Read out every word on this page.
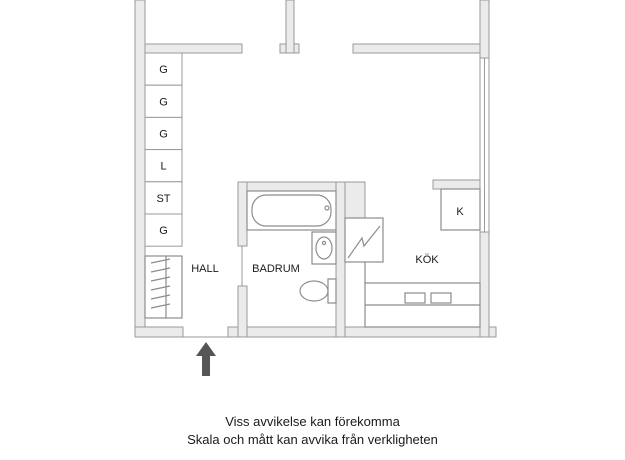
G
G
G
L
ST
G
HALL	BADRUM
KÖK
K
Viss avvikelse kan förekomma
Skala och mått kan avvika från verkligheten
